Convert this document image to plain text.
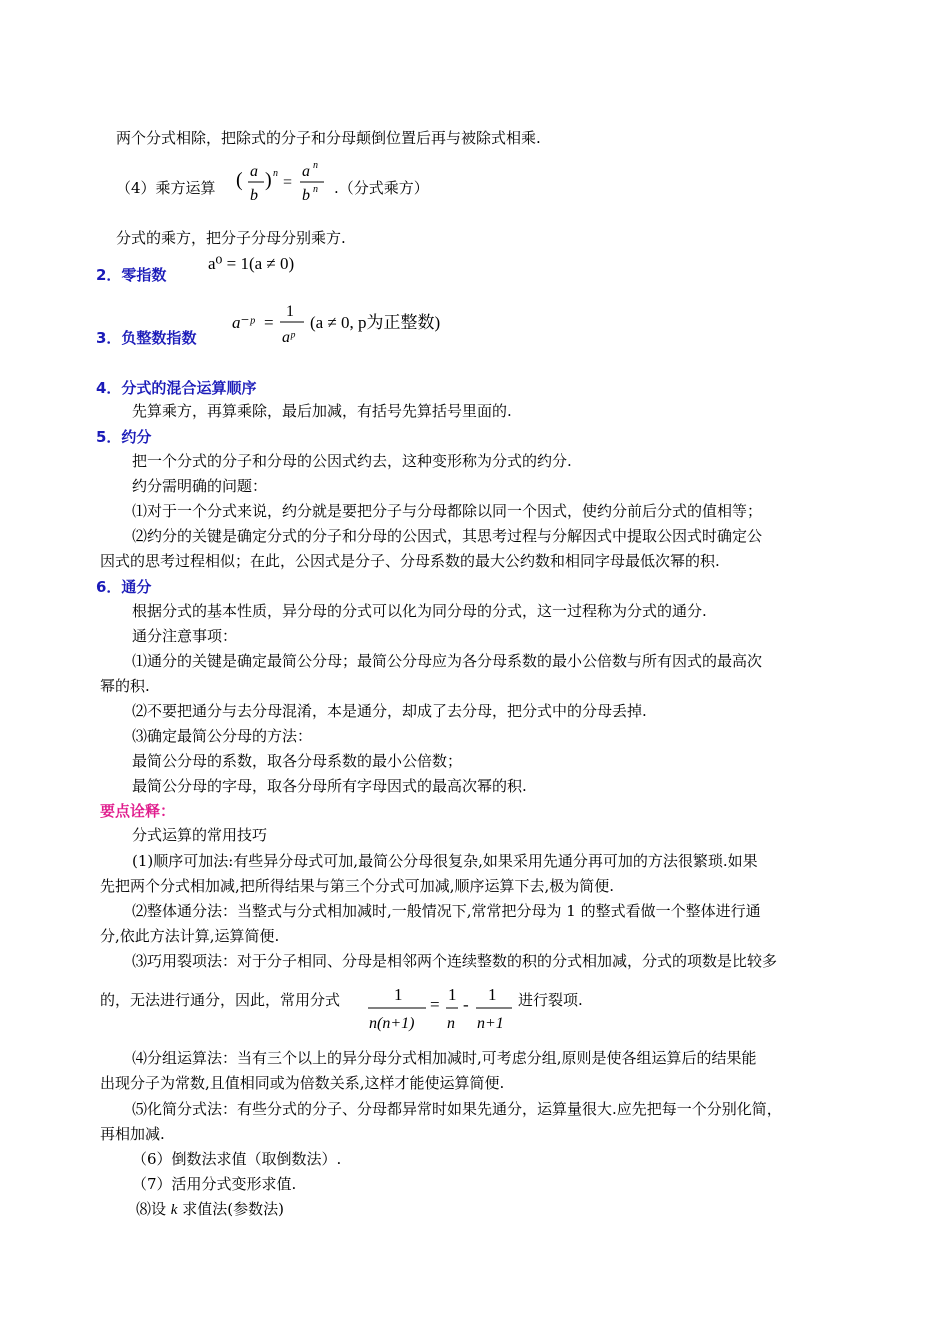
两个分式相除，把除式的分子和分母颠倒位置后再与被除式相乘.
（4）乘方运算 ( a
b
) n
=
a n
b n .（分式乘方）
分式的乘方，把分子分母分别乘方.
2．零指数
a⁰ = 1(a ≠ 0)
3．负整数指数
a⁻ᵖ =
1
aᵖ
(a ≠ 0, p为正整数)
4．分式的混合运算顺序
先算乘方，再算乘除，最后加减，有括号先算括号里面的.
5．约分
把一个分式的分子和分母的公因式约去，这种变形称为分式的约分.
约分需明确的问题：
⑴对于一个分式来说，约分就是要把分子与分母都除以同一个因式，使约分前后分式的值相等；
⑵约分的关键是确定分式的分子和分母的公因式，其思考过程与分解因式中提取公因式时确定公
因式的思考过程相似；在此，公因式是分子、分母系数的最大公约数和相同字母最低次幂的积.
6．通分
根据分式的基本性质，异分母的分式可以化为同分母的分式，这一过程称为分式的通分.
通分注意事项：
⑴通分的关键是确定最简公分母；最简公分母应为各分母系数的最小公倍数与所有因式的最高次
幂的积.
⑵不要把通分与去分母混淆，本是通分，却成了去分母，把分式中的分母丢掉.
⑶确定最简公分母的方法：
最简公分母的系数，取各分母系数的最小公倍数；
最简公分母的字母，取各分母所有字母因式的最高次幂的积.
要点诠释：
分式运算的常用技巧
(1)顺序可加法:有些异分母式可加,最简公分母很复杂,如果采用先通分再可加的方法很繁琐.如果
先把两个分式相加减,把所得结果与第三个分式可加减,顺序运算下去,极为简便.
⑵整体通分法：当整式与分式相加减时,一般情况下,常常把分母为 1 的整式看做一个整体进行通
分,依此方法计算,运算简便.
⑶巧用裂项法：对于分子相同、分母是相邻两个连续整数的积的分式相加减，分式的项数是比较多
的，无法进行通分，因此，常用分式	1
n(n+1)
=
1
n
-
1
n+1
进行裂项.
⑷分组运算法：当有三个以上的异分母分式相加减时,可考虑分组,原则是使各组运算后的结果能
出现分子为常数,且值相同或为倍数关系,这样才能使运算简便.
⑸化简分式法：有些分式的分子、分母都异常时如果先通分，运算量很大.应先把每一个分别化简，
再相加减.
（6）倒数法求值（取倒数法）.
（7）活用分式变形求值.
⑻设 k 求值法(参数法)
